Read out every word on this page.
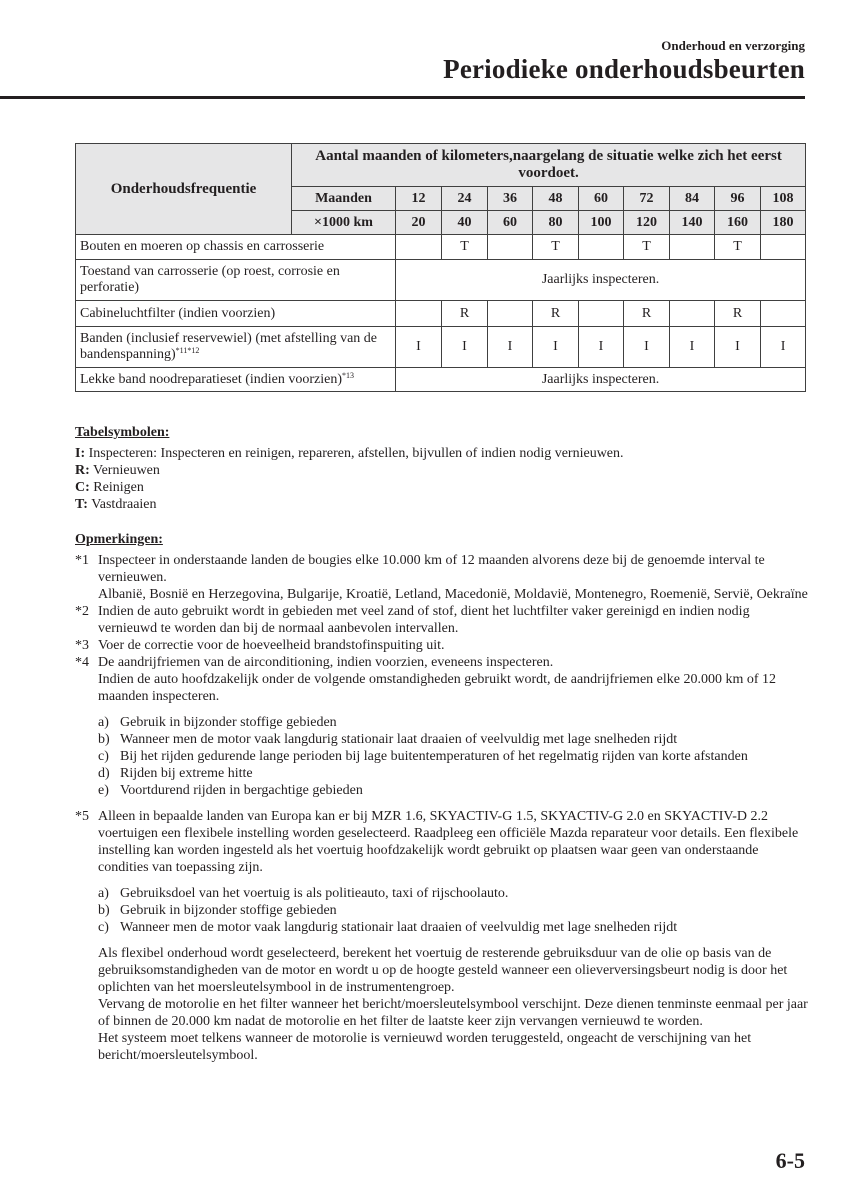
Onderhoud en verzorging
Periodieke onderhoudsbeurten
Onderhoudsfrequentie	Aantal maanden of kilometers,naargelang de situatie welke zich het eerst voordoet.									
	Maanden	12	24	36	48	60	72	84	96	108
	×1000 km	20	40	60	80	100	120	140	160	180
Bouten en moeren op chassis en carrosserie			T		T		T		T	
Toestand van carrosserie (op roest, corrosie en perforatie)		Jaarlijks inspecteren.								
Cabineluchtfilter (indien voorzien)			R		R		R		R	
Banden (inclusief reservewiel) (met afstelling van de bandenspanning)$^{*11*12}$		I	I	I	I	I	I	I	I	I
Lekke band noodreparatieset (indien voorzien)$^{*13}$		Jaarlijks inspecteren.								
Tabelsymbolen:
I: Inspecteren: Inspecteren en reinigen, repareren, afstellen, bijvullen of indien nodig vernieuwen.
R: Vernieuwen
C: Reinigen
T: Vastdraaien
Opmerkingen:
*1 Inspecteer in onderstaande landen de bougies elke 10.000 km of 12 maanden alvorens deze bij de genoemde interval te vernieuwen.
Albanië, Bosnië en Herzegovina, Bulgarije, Kroatië, Letland, Macedonië, Moldavië, Montenegro, Roemenië, Servië, Oekraïne
*2 Indien de auto gebruikt wordt in gebieden met veel zand of stof, dient het luchtfilter vaker gereinigd en indien nodig vernieuwd te worden dan bij de normaal aanbevolen intervallen.
*3 Voer de correctie voor de hoeveelheid brandstofinspuiting uit.
*4 De aandrijfriemen van de airconditioning, indien voorzien, eveneens inspecteren.
Indien de auto hoofdzakelijk onder de volgende omstandigheden gebruikt wordt, de aandrijfriemen elke 20.000 km of 12 maanden inspecteren.
a) Gebruik in bijzonder stoffige gebieden
b) Wanneer men de motor vaak langdurig stationair laat draaien of veelvuldig met lage snelheden rijdt
c) Bij het rijden gedurende lange perioden bij lage buitentemperaturen of het regelmatig rijden van korte afstanden
d) Rijden bij extreme hitte
e) Voortdurend rijden in bergachtige gebieden
*5 Alleen in bepaalde landen van Europa kan er bij MZR 1.6, SKYACTIV-G 1.5, SKYACTIV-G 2.0 en SKYACTIV-D 2.2 voertuigen een flexibele instelling worden geselecteerd. Raadpleeg een officiële Mazda reparateur voor details. Een flexibele instelling kan worden ingesteld als het voertuig hoofdzakelijk wordt gebruikt op plaatsen waar geen van onderstaande condities van toepassing zijn.
a) Gebruiksdoel van het voertuig is als politieauto, taxi of rijschoolauto.
b) Gebruik in bijzonder stoffige gebieden
c) Wanneer men de motor vaak langdurig stationair laat draaien of veelvuldig met lage snelheden rijdt
Als flexibel onderhoud wordt geselecteerd, berekent het voertuig de resterende gebruiksduur van de olie op basis van de gebruiksomstandigheden van de motor en wordt u op de hoogte gesteld wanneer een olieverversingsbeurt nodig is door het oplichten van het moersleutelsymbool in de instrumentengroep.
Vervang de motorolie en het filter wanneer het bericht/moersleutelsymbool verschijnt. Deze dienen tenminste eenmaal per jaar of binnen de 20.000 km nadat de motorolie en het filter de laatste keer zijn vervangen vernieuwd te worden.
Het systeem moet telkens wanneer de motorolie is vernieuwd worden teruggesteld, ongeacht de verschijning van het bericht/moersleutelsymbool.
6-5
